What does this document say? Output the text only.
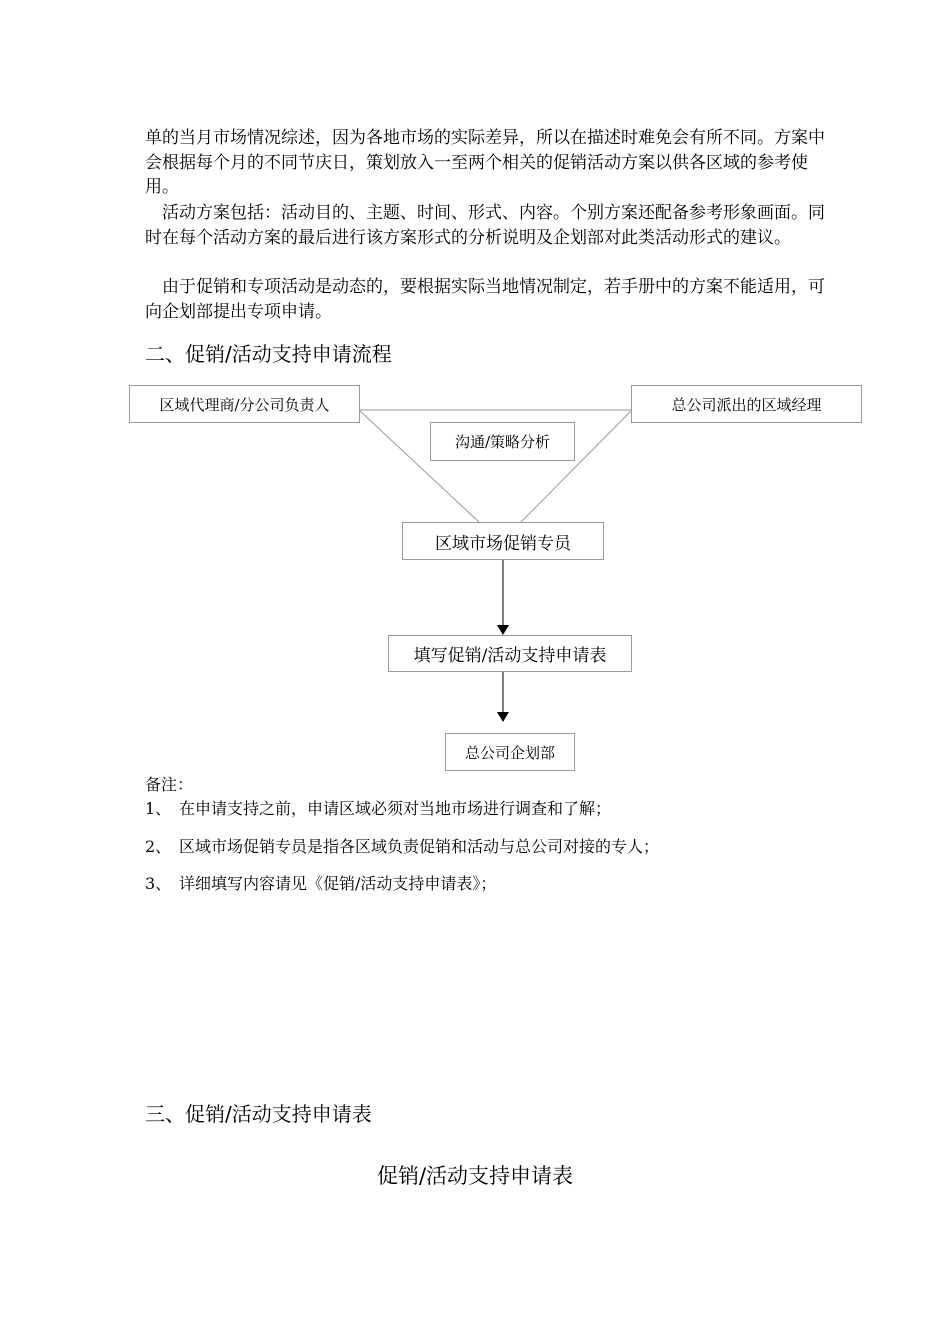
单的当月市场情况综述，因为各地市场的实际差异，所以在描述时难免会有所不同。方案中会根据每个月的不同节庆日，策划放入一至两个相关的促销活动方案以供各区域的参考使用。

活动方案包括：活动目的、主题、时间、形式、内容。个别方案还配备参考形象画面。同时在每个活动方案的最后进行该方案形式的分析说明及企划部对此类活动形式的建议。

由于促销和专项活动是动态的，要根据实际当地情况制定，若手册中的方案不能适用，可向企划部提出专项申请。

二、促销/活动支持申请流程
区域代理商/分公司负责人	总公司派出的区域经理
沟通/策略分析
区域市场促销专员
填写促销/活动支持申请表
总公司企划部
备注：
1、 在申请支持之前，申请区域必须对当地市场进行调查和了解；
2、 区域市场促销专员是指各区域负责促销和活动与总公司对接的专人；
3、 详细填写内容请见《促销/活动支持申请表》；
三、促销/活动支持申请表
促销/活动支持申请表
